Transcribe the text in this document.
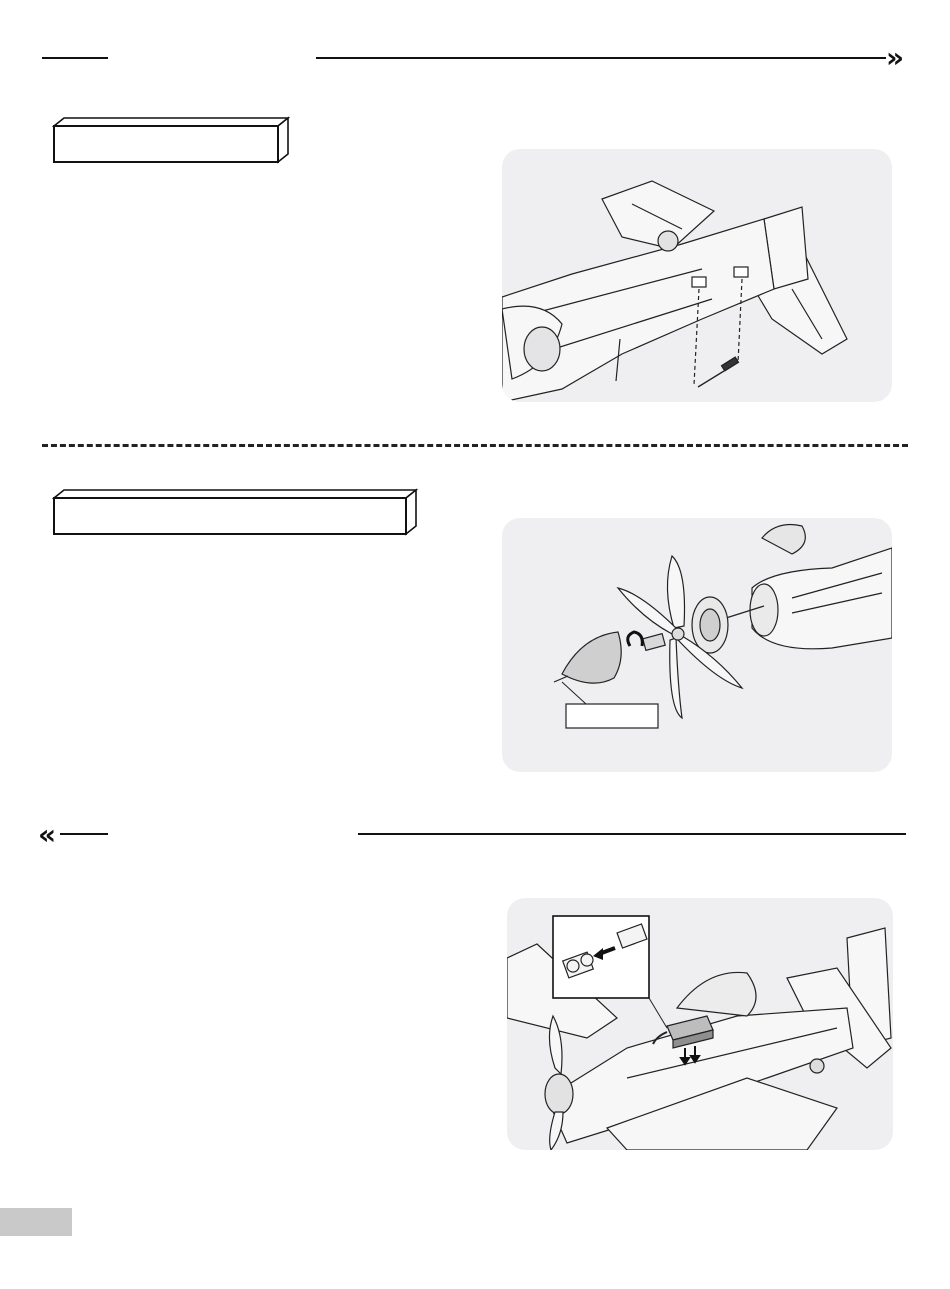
»
«
